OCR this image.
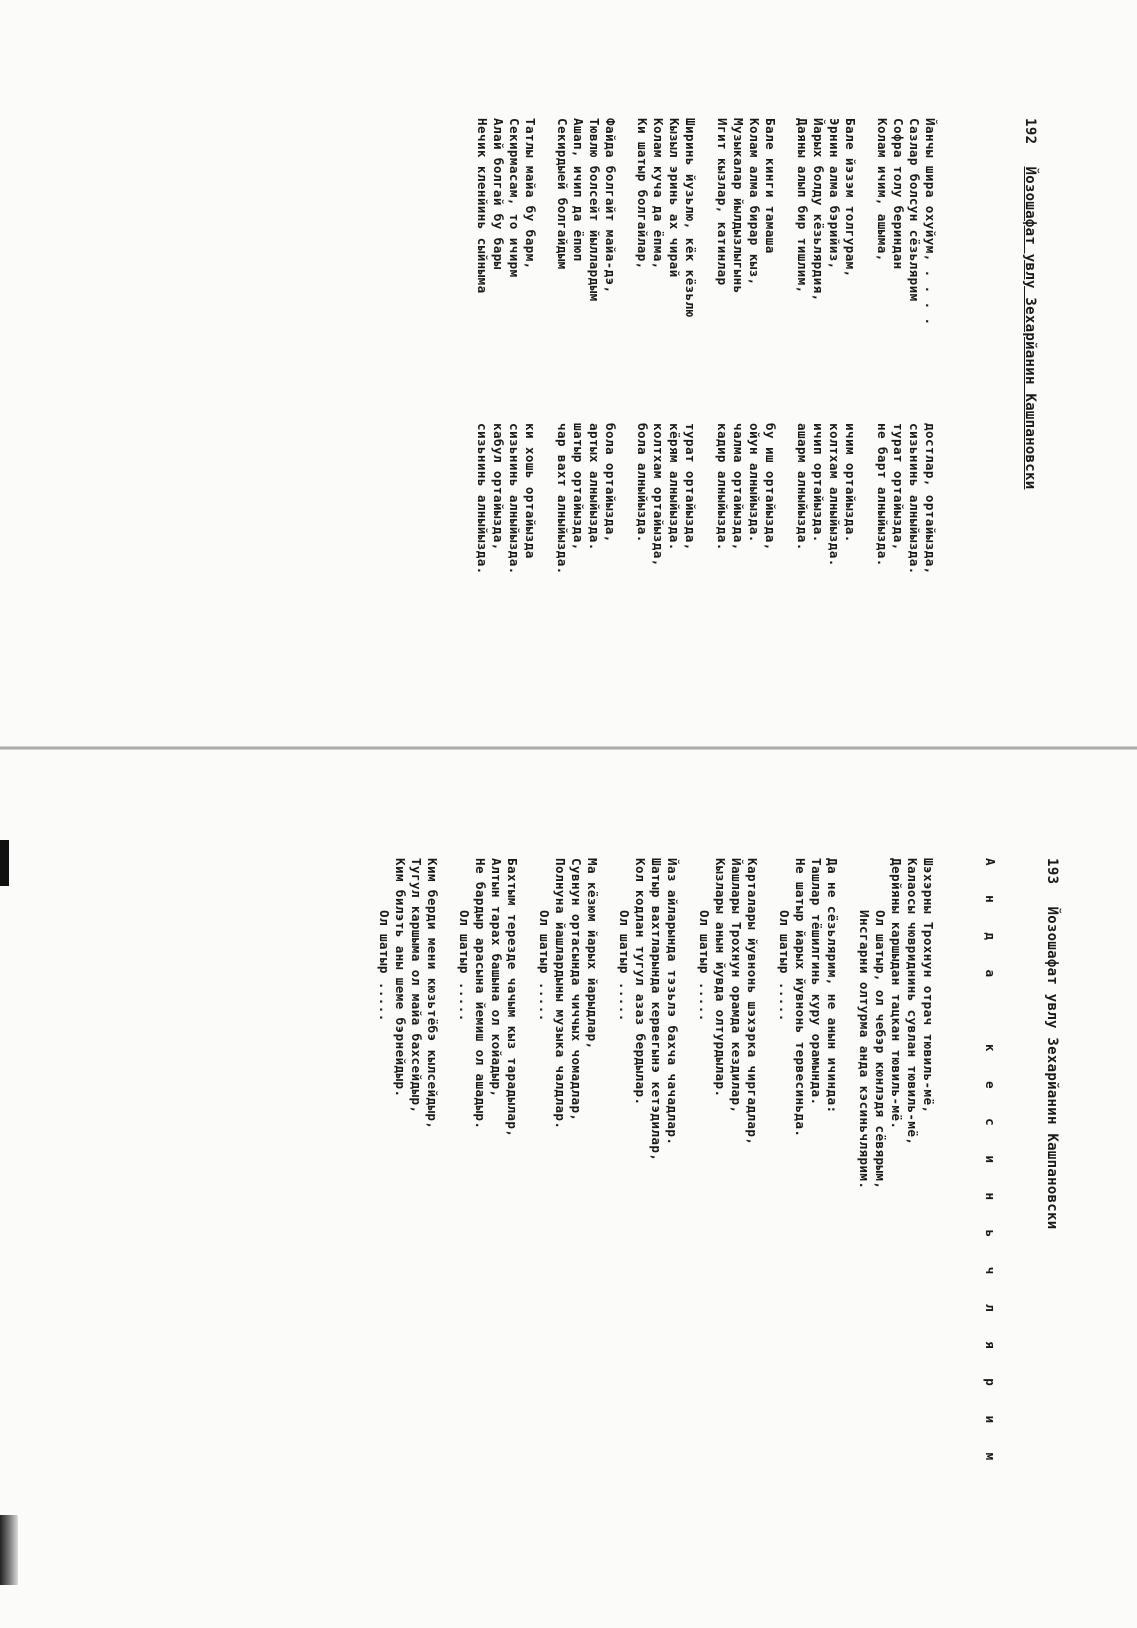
192
Йозошафат увлу Зехарйанин Кашпановски

Йанчы шира охуйум, . . . .
достлар, ортайызда,
Сазлар болсун сёзьлярим
сизьнинь алныйызда.
Софра толу бериндан
турат ортайызда,
Колам ичим, ашыма,
не барт алныйызда.
Бале йэзэм толгурам,
ичим ортайызда.
Эрнин алма бэрийиз,
колтхам алныйызда.
Йарых болду кёзьлярдия,
ичип ортайызда.
Даяны алып бир тишлим,
ашарм алныйызда.
Бале кинги тамаша
бу иш ортайызда,
Колам алма бирар кыз,
ойун алныйызда.
Музыкалар йылдызлыгынь
чалма ортайызда,
Игит кызлар, катинлар
кадир алныйызда.
Ширинь йузьлю, кёк кёзьлю
турат ортайызда,
Кызыл эринь ах чирай
кёрям алныйызда.
Колам куча да ёпма,
колтхам ортайызда,
Ки шатыр болгайлар,
бола алныйызда.
Файда болгайт майа-дэ,
бола ортайызда,
Тювлю болсейт йыллардым
артых алныйызда.
Ашап, ичип да ёпюп
шатыр ортайызда,
Секирдыей болгайдым
чар вахт алныйызда.
Татлы майа бу барм,
ки хошь ортайызда
Секирмасам, то ичирм
сизьнинь алныйызда.
Алай болгай бу бары
кабул ортайызда,
Нечик кленйинь сыйныма
сизьнинь алныйызда.

193
Йозошафат увлу Зехарйанин Кашпановски

А н д а   к е с и н ь ч л я р и м

Шэхэрны Трохнун отрач тювиль-мё,
Калаосы чювриднинь сувлан тювиль-мё,
Дерйяны каршыдан тацкан тювиль-мё.
Ол шатыр, ол чебэр кюнлэдя сёвярым,
Инсгарни олтурма анда кэсиньчлярим.
Да не сёзьлярим, не анын ичинда:
Ташлар тёшилгинь куру орамында.
Не шатыр йарых йувнонь тервесиньда.
Ол шатыр .....
Карталары йувнонь шэхэрка чиргадлар,
Йашлары Трохнун орамда кездилар,
Кызлары анын йувда олтурдылар.
Ол шатыр .....
Йаз айларында тэзьлэ бахча чачадлар.
Шатыр вахтларында кервегынэ кетэдилар,
Кол кодлан тугул азаз бердылар.
Ол шатыр .....
Ма кёзюм йарых йарыдлар,
Сувнун ортасында чиччых чомадлар,
Полнуна йашлардыны музыка чалдлар.
Ол шатыр .....
Бахтым терезде чачым кыз тарадылар,
Алтын тарах башына ол койадыр,
Не бардыр арасына йемиш ол ашадыр.
Ол шатыр .....
Ким берди мени кюзьтёбэ кылсейдыр,
Тугул каршыма ол майа бахсейдыр,
Ким билэть аны шеме бэрнейдыр.
Ол шатыр .....
